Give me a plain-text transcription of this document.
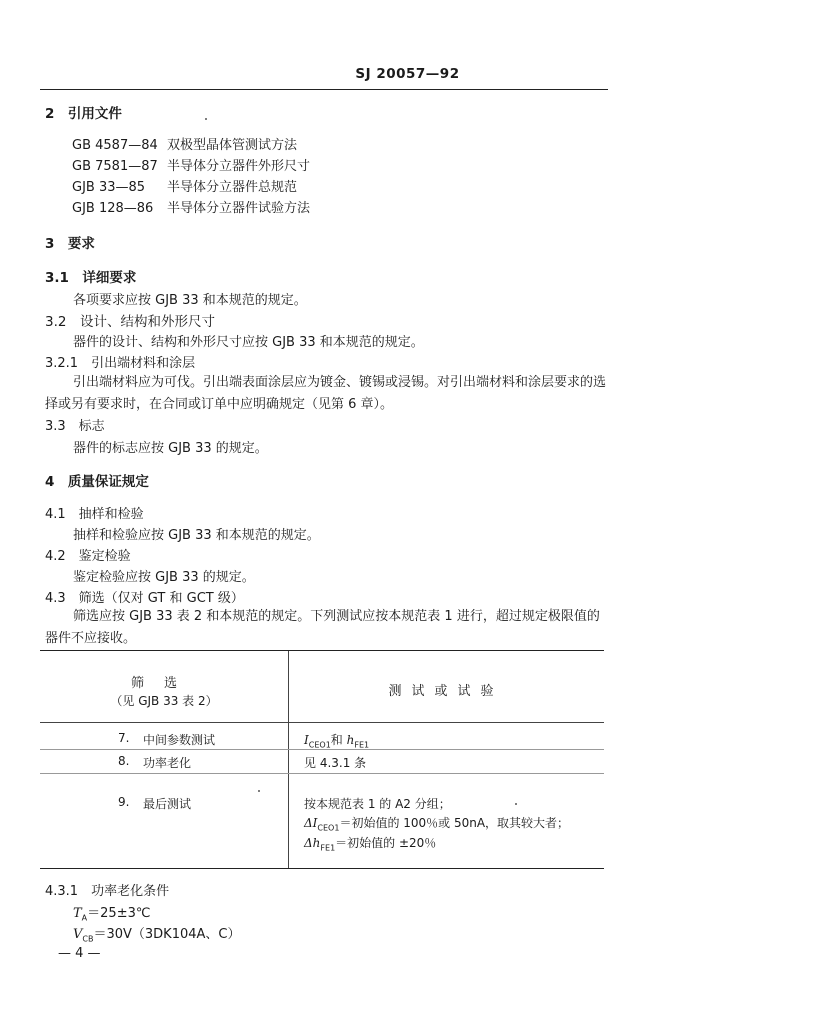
SJ 20057—92
2　引用文件
GB 4587—84 双极型晶体管测试方法
GB 7581—87 半导体分立器件外形尺寸
GJB 33—85	半导体分立器件总规范
GJB 128—86	半导体分立器件试验方法
3　要求
3.1　详细要求
各项要求应按 GJB 33 和本规范的规定。
3.2　设计、结构和外形尺寸
器件的设计、结构和外形尺寸应按 GJB 33 和本规范的规定。
3.2.1　引出端材料和涂层
引出端材料应为可伐。引出端表面涂层应为镀金、镀锡或浸锡。对引出端材料和涂层要求的选择或另有要求时，在合同或订单中应明确规定（见第 6 章）。
3.3　标志
器件的标志应按 GJB 33 的规定。
4　质量保证规定
4.1　抽样和检验
抽样和检验应按 GJB 33 和本规范的规定。
4.2　鉴定检验
鉴定检验应按 GJB 33 的规定。
4.3　筛选（仅对 GT 和 GCT 级）
筛选应按 GJB 33 表 2 和本规范的规定。下列测试应按本规范表 1 进行，超过规定极限值的器件不应接收。
筛选
（见 GJB 33 表 2）
测试或试验
7. 中间参数测试	$I_{CEO1}$和 $h_{FE1}$
8. 功率老化	见 4.3.1 条
9. 最后测试	按本规范表 1 的 A2 分组；
$\Delta I_{CEO1}=$初始值的 100％或 50nA，取其较大者；
$\Delta h_{FE1}=$初始值的 ±20％
4.3.1　功率老化条件
$T_A=25\pm 3℃$
$V_{CB}=30V(3DK104A$、C）
— 4 —
